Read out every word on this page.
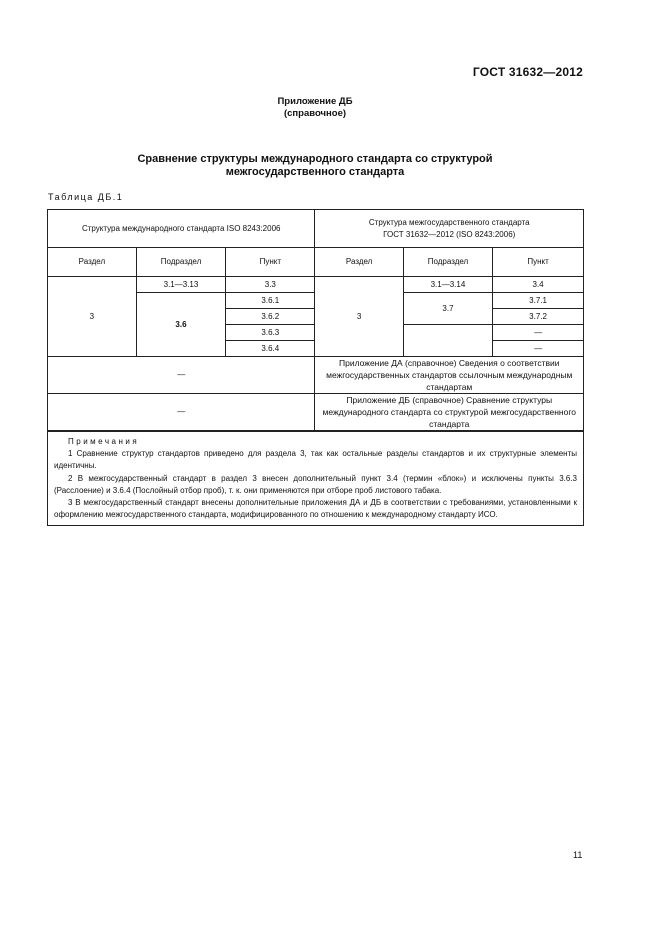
ГОСТ 31632—2012
Приложение ДБ
(справочное)
Сравнение структуры международного стандарта со структурой
межгосударственного стандарта
Таблица ДБ.1
Структура международного стандарта ISO 8243:2006			Структура межгосударственного стандарта
ГОСТ 31632—2012 (ISO 8243:2006)		

Раздел	Подраздел	Пункт	Раздел	Подраздел	Пункт
3	3.1—3.13	3.3	3	3.1—3.14	3.4
	3.6	3.6.1		3.7	3.7.1
		3.6.2			3.7.2
		3.6.3			—
		3.6.4			—
—			Приложение ДА (справочное) Сведения о соответствии межгосударственных стандартов ссылочным международным стандартам		
—			Приложение ДБ (справочное) Сравнение структуры международного стандарта со структурой межгосударственного стандарта		
Примечания
1 Сравнение структур стандартов приведено для раздела 3, так как остальные разделы стандартов и их структурные элементы идентичны.
2 В межгосударственный стандарт в раздел 3 внесен дополнительный пункт 3.4 (термин «блок») и исключены пункты 3.6.3 (Расслоение) и 3.6.4 (Послойный отбор проб), т. к. они применяются при отборе проб листового табака.
3 В межгосударственный стандарт внесены дополнительные приложения ДА и ДБ в соответствии с требованиями, установленными к оформлению межгосударственного стандарта, модифицированного по отношению к международному стандарту ИСО.
11
